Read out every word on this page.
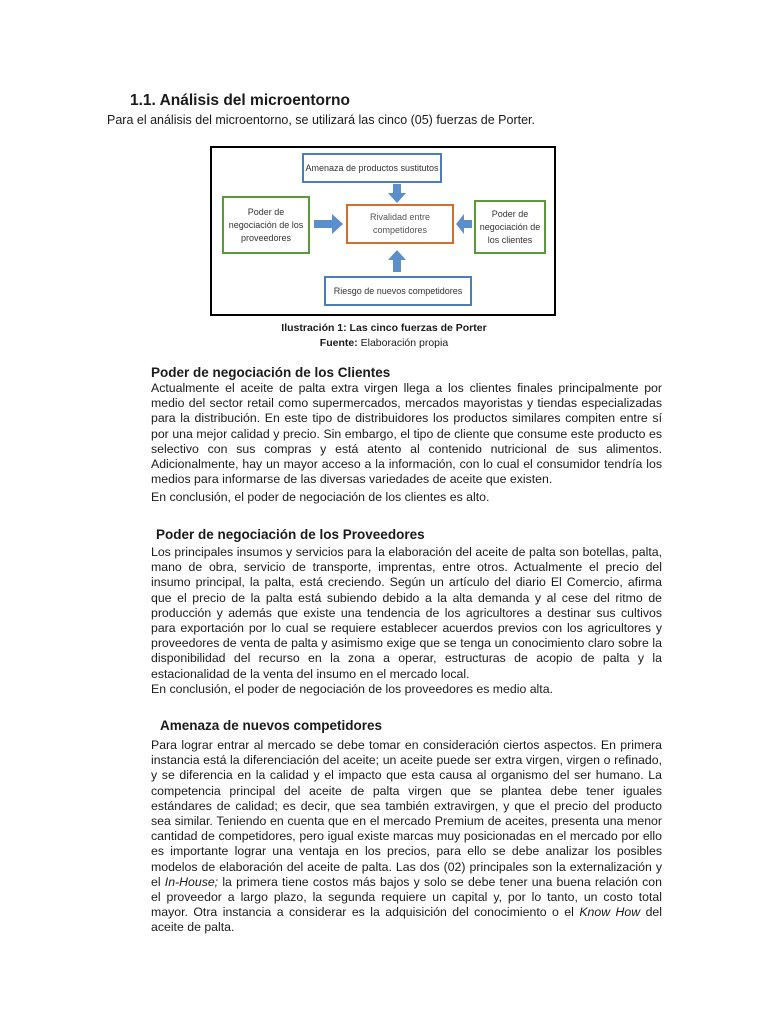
1.1. Análisis del microentorno
Para el análisis del microentorno, se utilizará las cinco (05) fuerzas de Porter.
Amenaza de productos sustitutos
Poder de negociación de los proveedores
Rivalidad entre competidores
Poder de negociación de los clientes
Riesgo de nuevos competidores
Ilustración 1: Las cinco fuerzas de Porter
Fuente: Elaboración propia
Poder de negociación de los Clientes
Actualmente el aceite de palta extra virgen llega a los clientes finales principalmente por medio del sector retail como supermercados, mercados mayoristas y tiendas especializadas para la distribución. En este tipo de distribuidores los productos similares compiten entre sí por una mejor calidad y precio. Sin embargo, el tipo de cliente que consume este producto es selectivo con sus compras y está atento al contenido nutricional de sus alimentos. Adicionalmente, hay un mayor acceso a la información, con lo cual el consumidor tendría los medios para informarse de las diversas variedades de aceite que existen.
En conclusión, el poder de negociación de los clientes es alto.
Poder de negociación de los Proveedores
Los principales insumos y servicios para la elaboración del aceite de palta son botellas, palta, mano de obra, servicio de transporte, imprentas, entre otros. Actualmente el precio del insumo principal, la palta, está creciendo. Según un artículo del diario El Comercio, afirma que el precio de la palta está subiendo debido a la alta demanda y al cese del ritmo de producción y además que existe una tendencia de los agricultores a destinar sus cultivos para exportación por lo cual se requiere establecer acuerdos previos con los agricultores y proveedores de venta de palta y asimismo exige que se tenga un conocimiento claro sobre la disponibilidad del recurso en la zona a operar, estructuras de acopio de palta y la estacionalidad de la venta del insumo en el mercado local.
En conclusión, el poder de negociación de los proveedores es medio alta.
Amenaza de nuevos competidores
Para lograr entrar al mercado se debe tomar en consideración ciertos aspectos. En primera instancia está la diferenciación del aceite; un aceite puede ser extra virgen, virgen o refinado, y se diferencia en la calidad y el impacto que esta causa al organismo del ser humano. La competencia principal del aceite de palta virgen que se plantea debe tener iguales estándares de calidad; es decir, que sea también extravirgen, y que el precio del producto sea similar. Teniendo en cuenta que en el mercado Premium de aceites, presenta una menor cantidad de competidores, pero igual existe marcas muy posicionadas en el mercado por ello es importante lograr una ventaja en los precios, para ello se debe analizar los posibles modelos de elaboración del aceite de palta. Las dos (02) principales son la externalización y el In-House; la primera tiene costos más bajos y solo se debe tener una buena relación con el proveedor a largo plazo, la segunda requiere un capital y, por lo tanto, un costo total mayor. Otra instancia a considerar es la adquisición del conocimiento o el Know How del aceite de palta.
